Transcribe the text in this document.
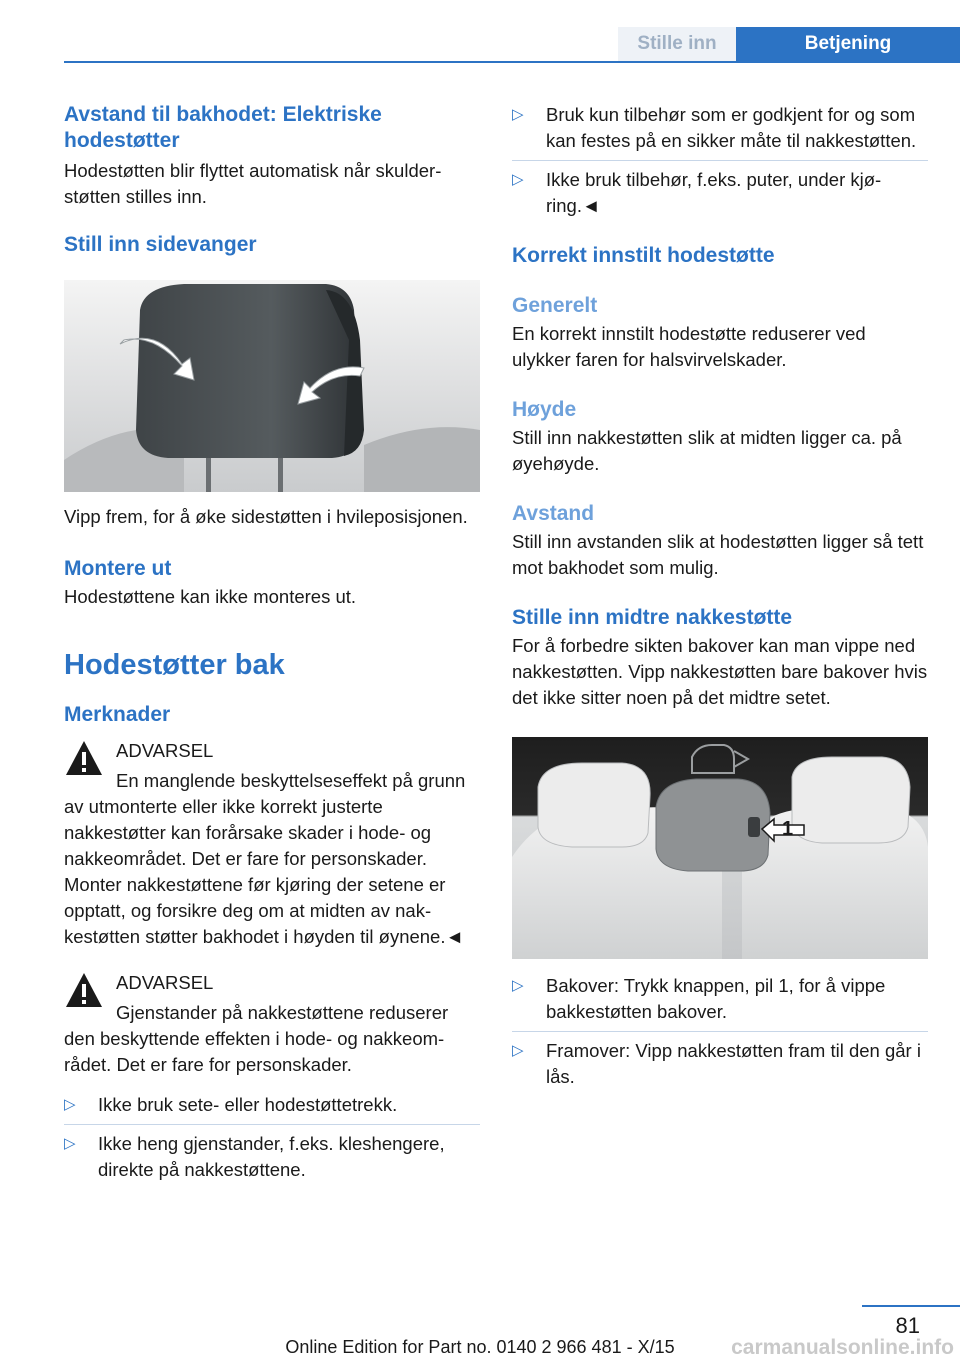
Stille inn	Betjening
Avstand til bakhodet: Elektriske hodestøtter

Hodestøtten blir flyttet automatisk når skulderstøtten stilles inn.

Still inn sidevanger

Vipp frem, for å øke sidestøtten i hvileposisjonen.

Montere ut

Hodestøttene kan ikke monteres ut.

Hodestøtter bak
Merknader

ADVARSEL

En manglende beskyttelseseffekt på grunn av utmonterte eller ikke korrekt justerte nakkestøtter kan forårsake skader i hode- og nakkeområdet. Det er fare for personskader. Monter nakkestøttene før kjøring der setene er opptatt, og forsikre deg om at midten av nakkestøtten støtter bakhodet i høyden til øynene.◄

ADVARSEL

Gjenstander på nakkestøttene reduserer den beskyttende effekten i hode- og nakkeområdet. Det er fare for personskader.

▷ Ikke bruk sete- eller hodestøttetrekk.
▷ Ikke heng gjenstander, f.eks. kleshengere, direkte på nakkestøttene.
▷ Bruk kun tilbehør som er godkjent for og som kan festes på en sikker måte til nakkestøtten.
▷ Ikke bruk tilbehør, f.eks. puter, under kjøring.◄
Korrekt innstilt hodestøtte
Generelt

En korrekt innstilt hodestøtte reduserer ved ulykker faren for halsvirvelskader.

Høyde

Still inn nakkestøtten slik at midten ligger ca. på øyehøyde.

Avstand

Still inn avstanden slik at hodestøtten ligger så tett mot bakhodet som mulig.

Stille inn midtre nakkestøtte

For å forbedre sikten bakover kan man vippe ned nakkestøtten. Vipp nakkestøtten bare bakover hvis det ikke sitter noen på det midtre setet.

1
▷ Bakover: Trykk knappen, pil 1, for å vippe bakkestøtten bakover.
▷ Framover: Vipp nakkestøtten fram til den går i lås.
81
Online Edition for Part no. 0140 2 966 481 - X/15	carmanualsonline.info
